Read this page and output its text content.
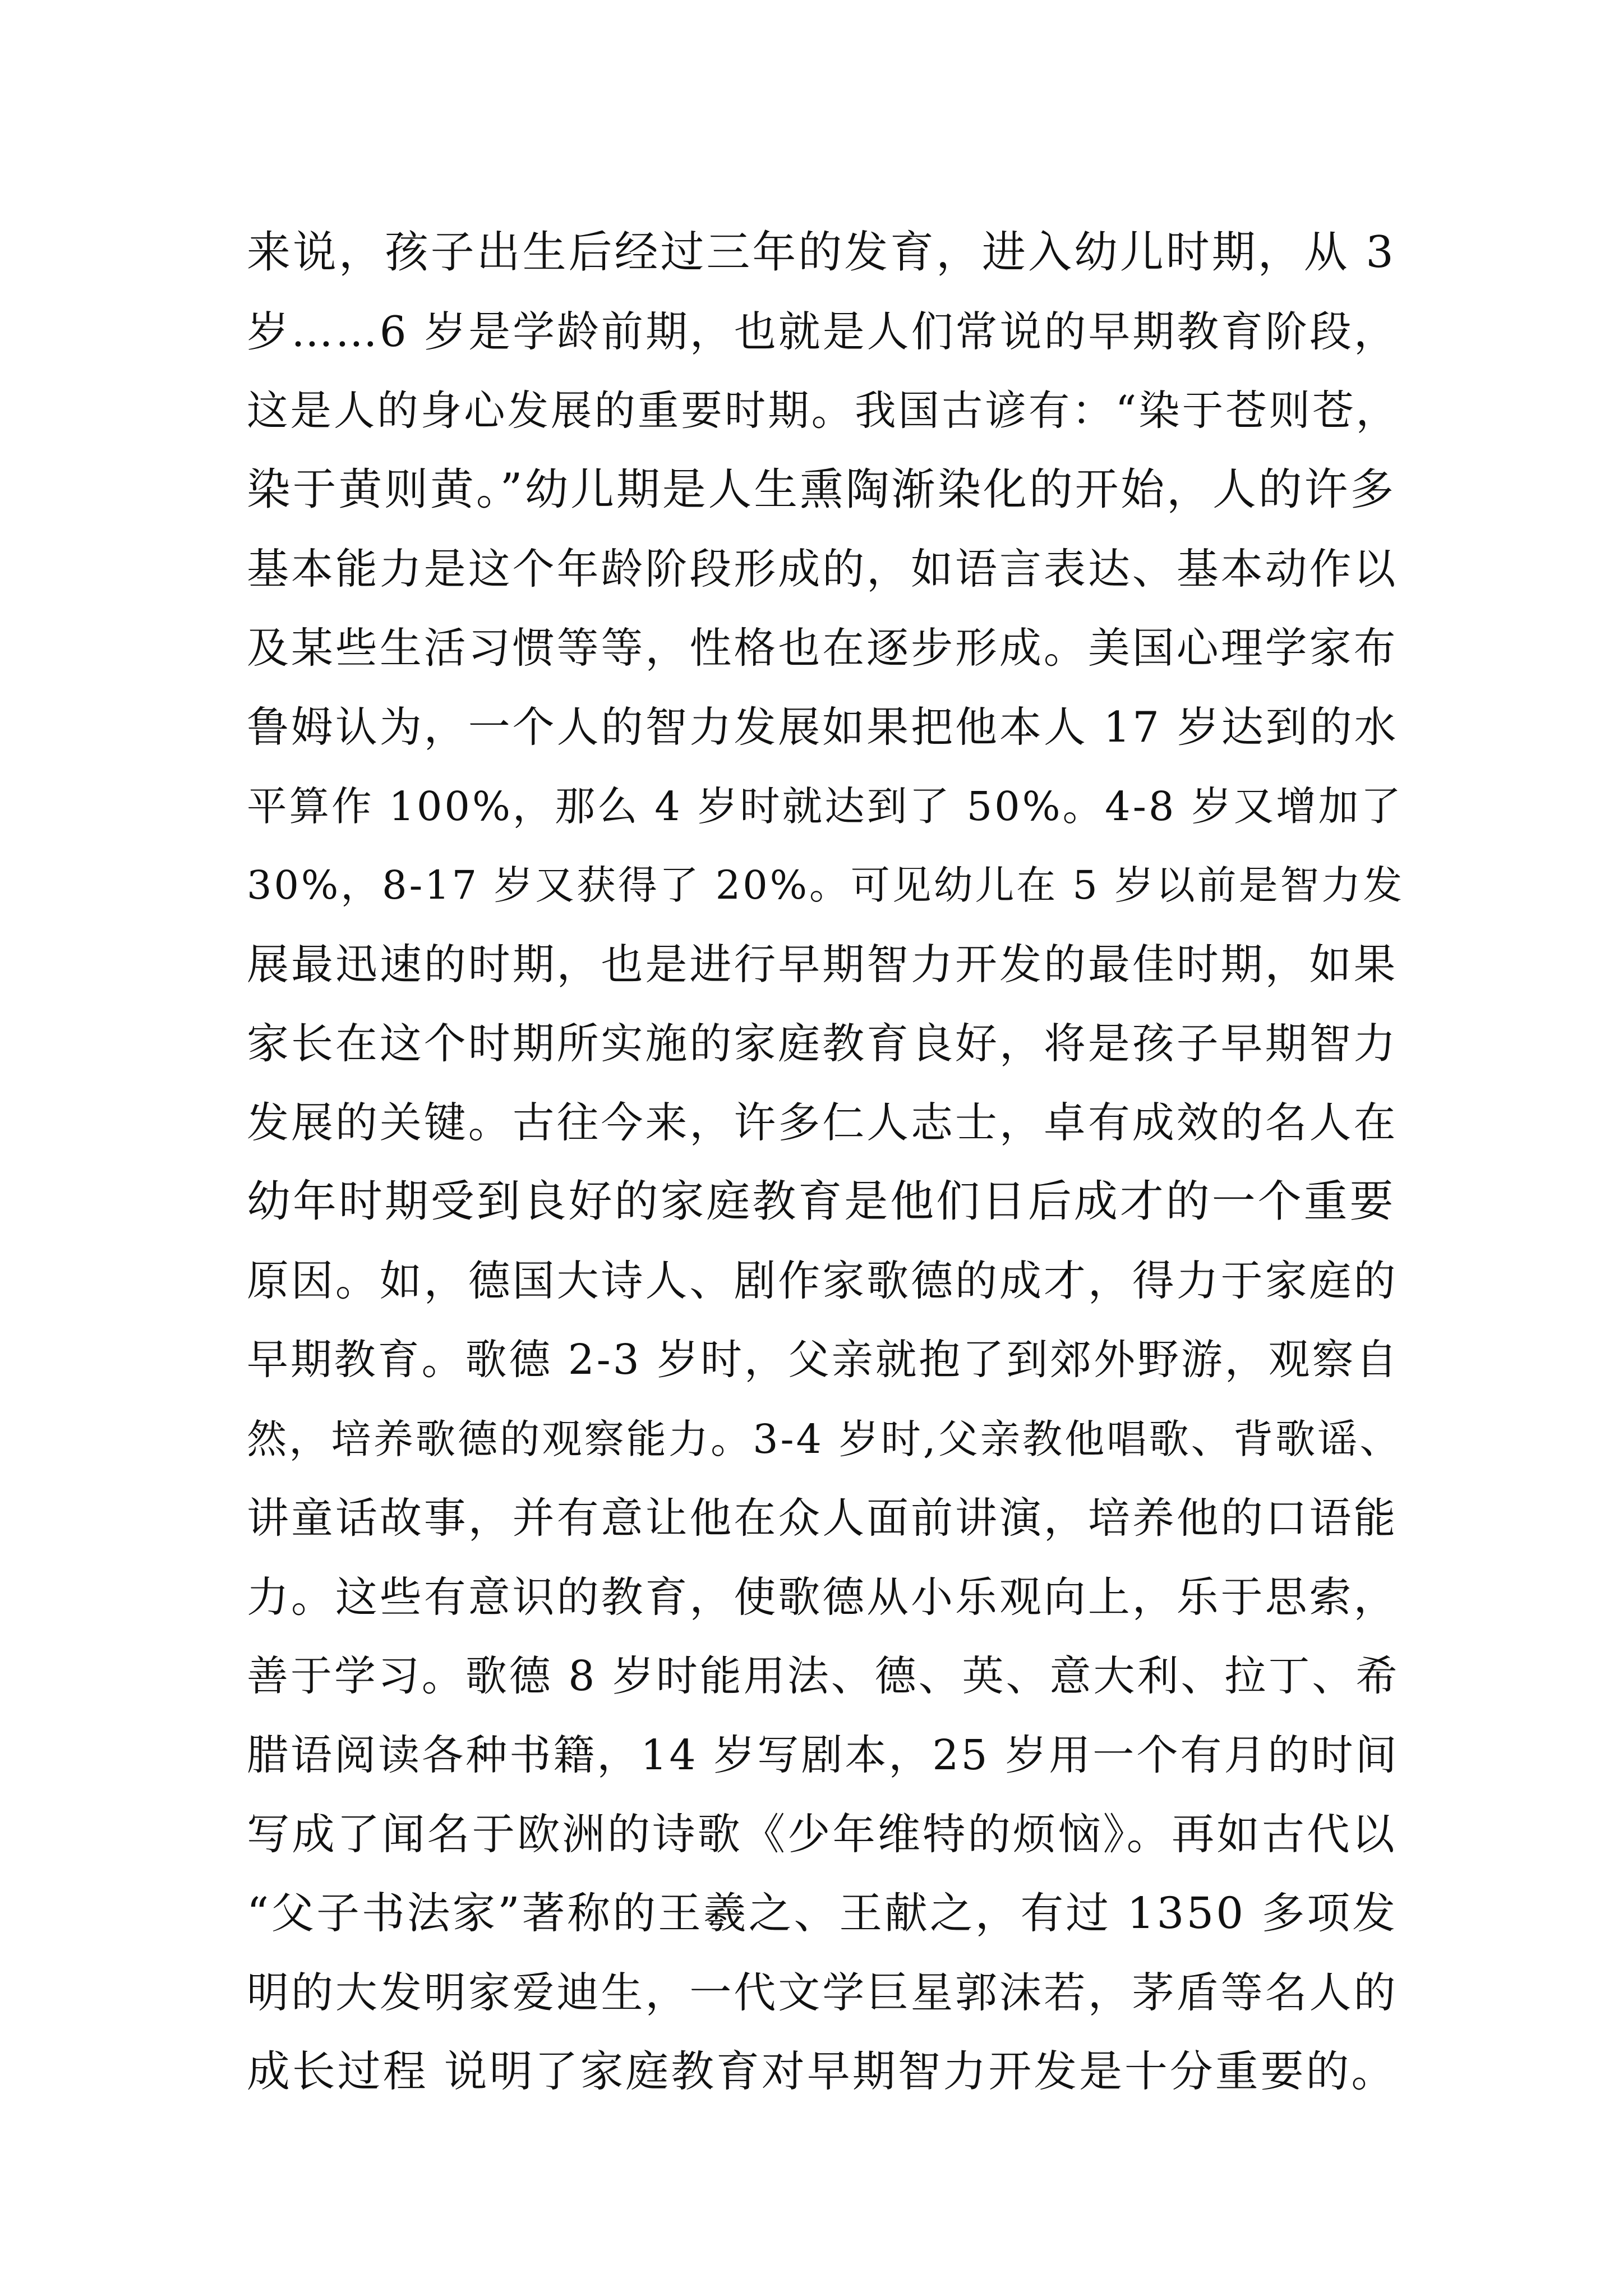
来说，孩子出生后经过三年的发育，进入幼儿时期，从 3
岁……6 岁是学龄前期，也就是人们常说的早期教育阶段，
这是人的身心发展的重要时期。我国古谚有：“染于苍则苍，
染于黄则黄。”幼儿期是人生熏陶渐染化的开始，人的许多
基本能力是这个年龄阶段形成的，如语言表达、基本动作以
及某些生活习惯等等，性格也在逐步形成。美国心理学家布
鲁姆认为，一个人的智力发展如果把他本人 17 岁达到的水
平算作 100%，那么 4 岁时就达到了 50%。4-8 岁又增加了
30%，8-17 岁又获得了 20%。可见幼儿在 5 岁以前是智力发
展最迅速的时期，也是进行早期智力开发的最佳时期，如果
家长在这个时期所实施的家庭教育良好，将是孩子早期智力
发展的关键。古往今来，许多仁人志士，卓有成效的名人在
幼年时期受到良好的家庭教育是他们日后成才的一个重要
原因。如，德国大诗人、剧作家歌德的成才，得力于家庭的
早期教育。歌德 2-3 岁时，父亲就抱了到郊外野游，观察自
然，培养歌德的观察能力。3-4 岁时,父亲教他唱歌、背歌谣、
讲童话故事，并有意让他在众人面前讲演，培养他的口语能
力。这些有意识的教育，使歌德从小乐观向上，乐于思索，
善于学习。歌德 8 岁时能用法、德、英、意大利、拉丁、希
腊语阅读各种书籍，14 岁写剧本，25 岁用一个有月的时间
写成了闻名于欧洲的诗歌《少年维特的烦恼》。再如古代以
“父子书法家”著称的王羲之、王献之，有过 1350 多项发
明的大发明家爱迪生，一代文学巨星郭沫若，茅盾等名人的
成长过程 说明了家庭教育对早期智力开发是十分重要的。
